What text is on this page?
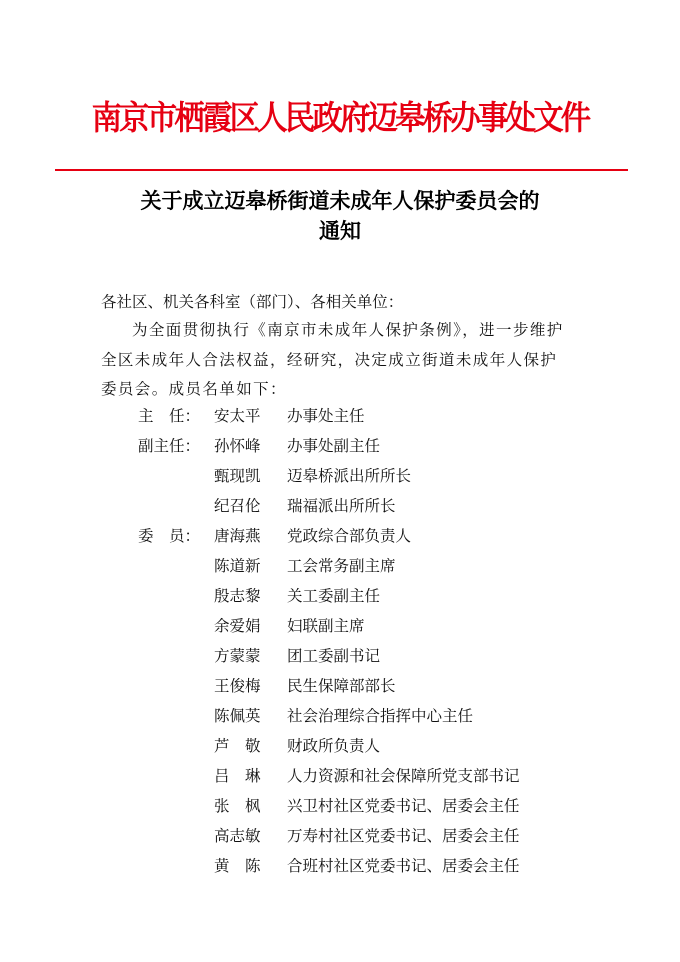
南京市栖霞区人民政府迈皋桥办事处文件
关于成立迈皋桥街道未成年人保护委员会的
通知
各社区、机关各科室（部门）、各相关单位：
为全面贯彻执行《南京市未成年人保护条例》，进一步维护全区未成年人合法权益，经研究，决定成立街道未成年人保护委员会。成员名单如下：
主　任： 安太平 办事处主任
副主任： 孙怀峰 办事处副主任
甄现凯 迈皋桥派出所所长
纪召伦 瑞福派出所所长
委　员： 唐海燕 党政综合部负责人
陈道新 工会常务副主席
殷志黎 关工委副主任
余爱娟 妇联副主席
方蒙蒙 团工委副书记
王俊梅 民生保障部部长
陈佩英 社会治理综合指挥中心主任
芦　敬 财政所负责人
吕　琳 人力资源和社会保障所党支部书记
张　枫 兴卫村社区党委书记、居委会主任
高志敏 万寿村社区党委书记、居委会主任
黄　陈 合班村社区党委书记、居委会主任
